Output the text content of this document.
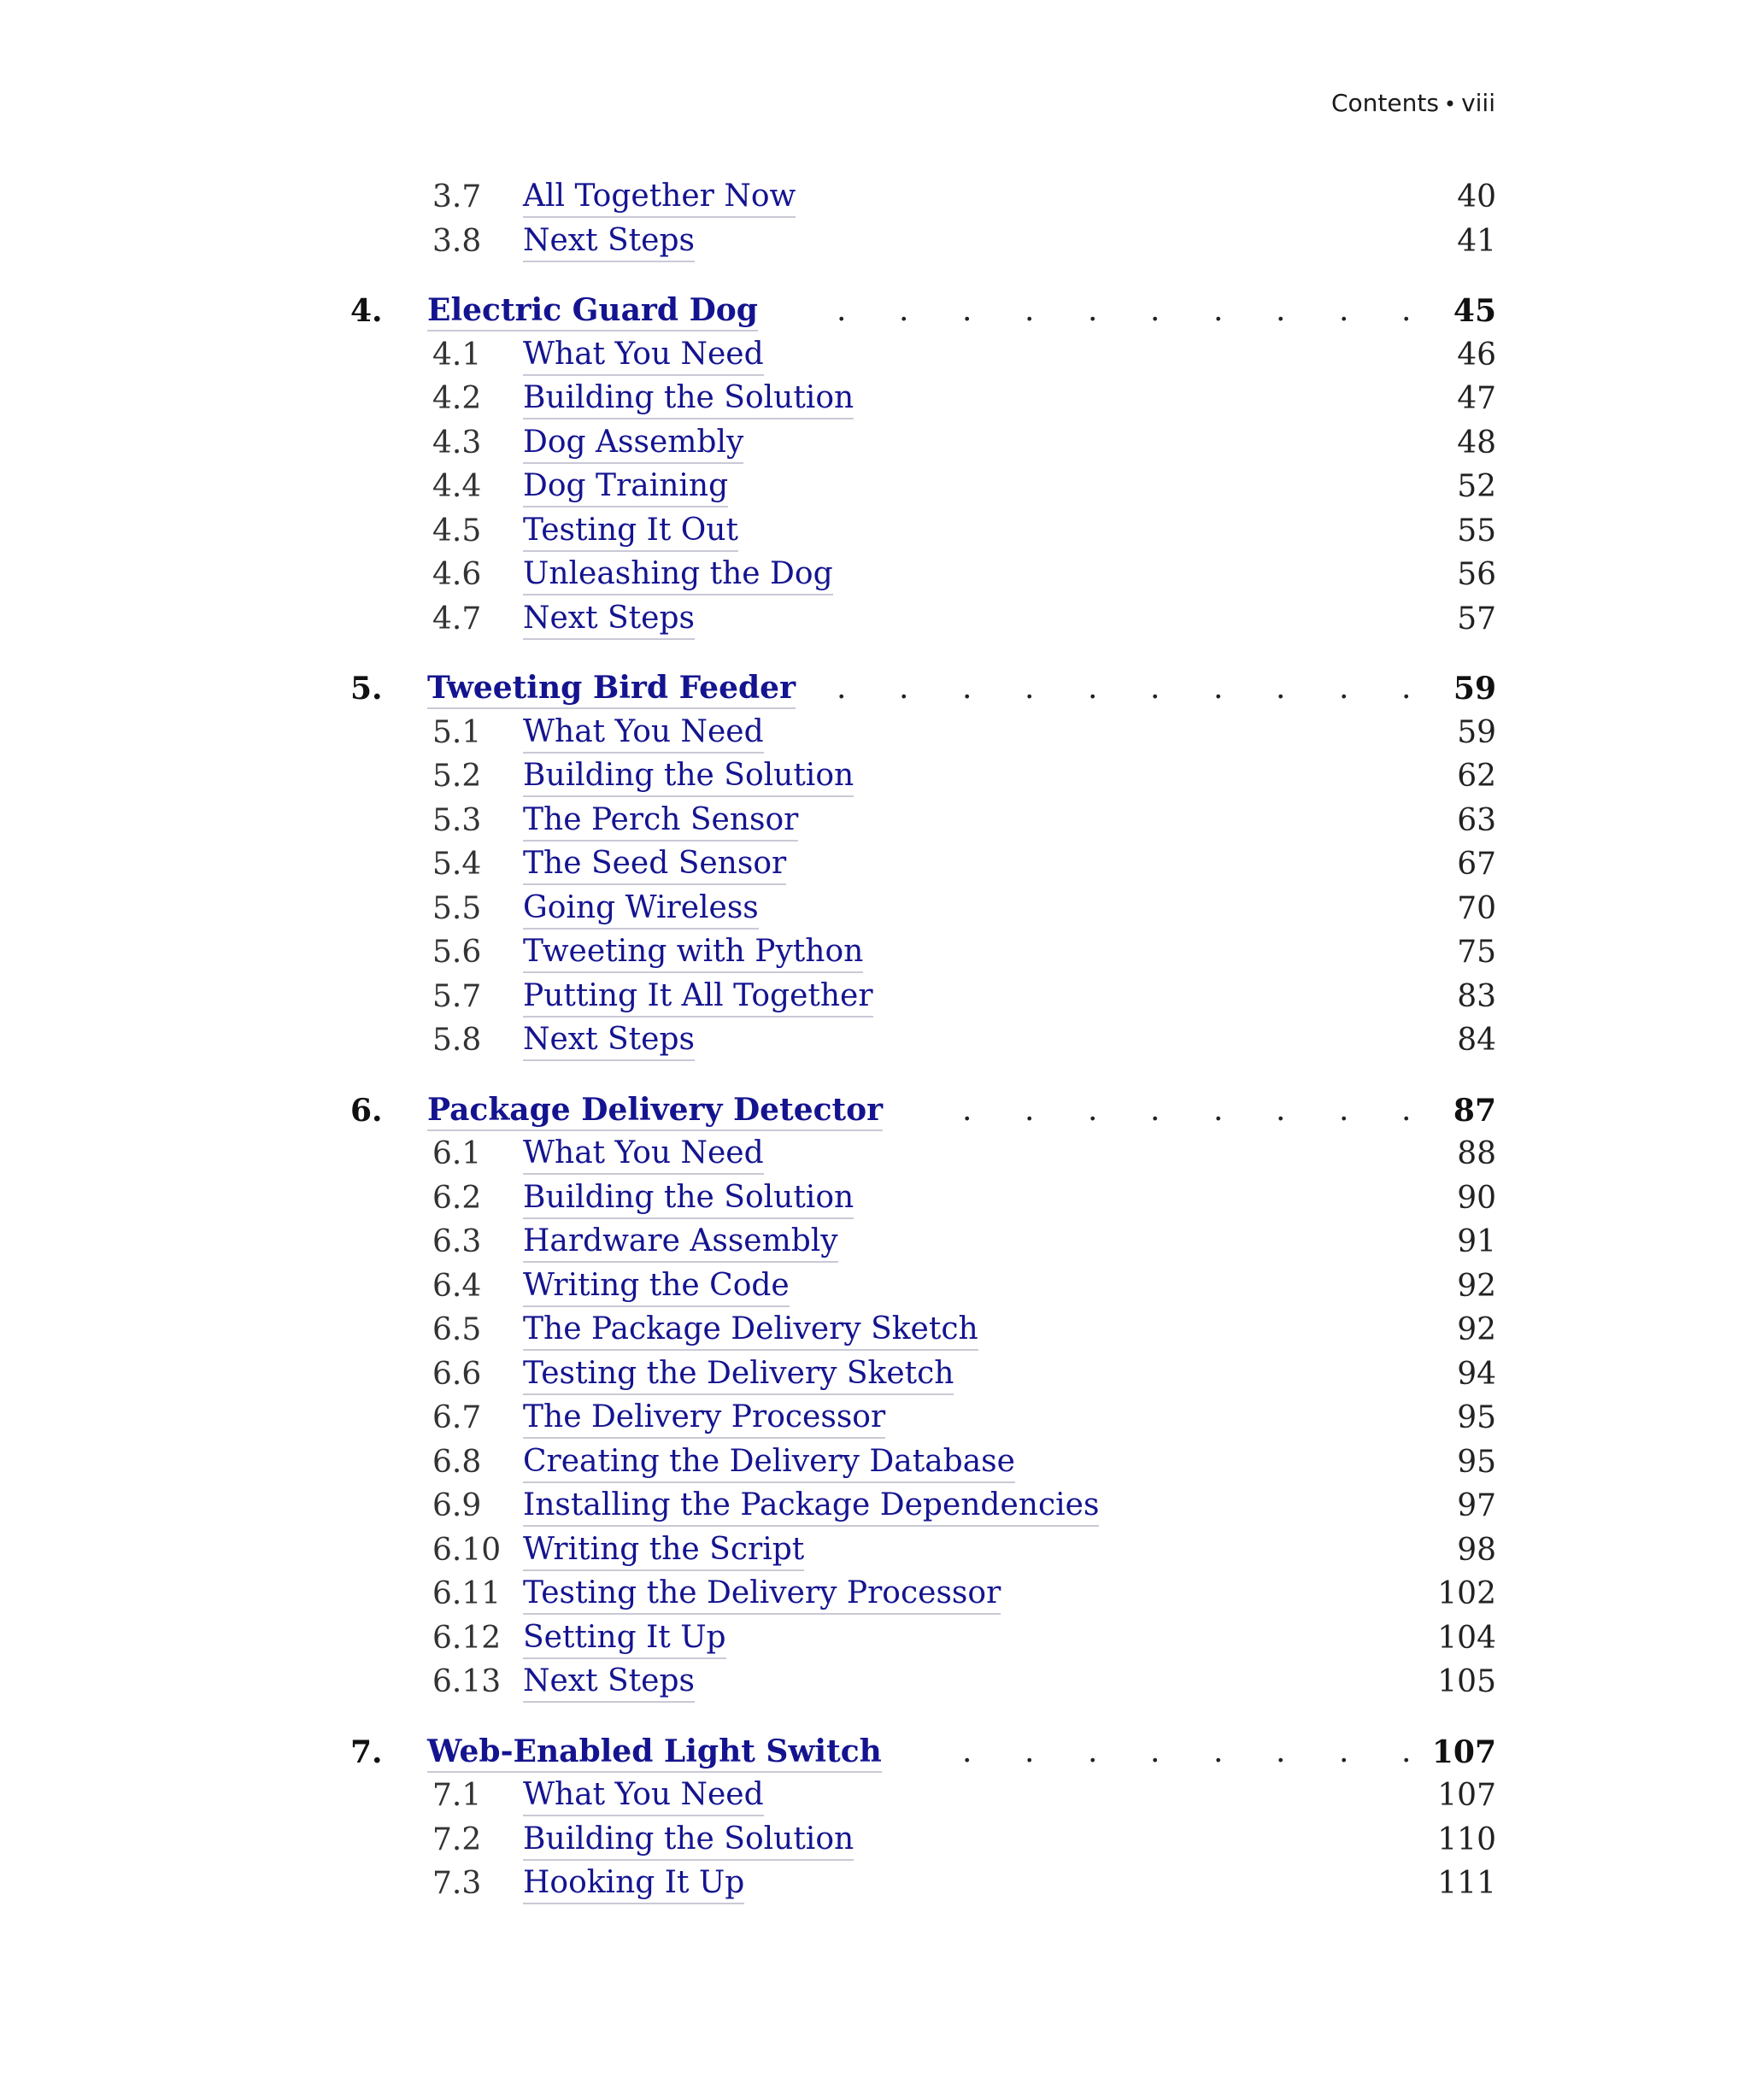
Contents • viii
3.7 All Together Now	40
3.8 Next Steps	41
4. Electric Guard Dog	45
.
.
.
.
.
.
.
.
.
.
4.1 What You Need	46
4.2 Building the Solution	47
4.3 Dog Assembly	48
4.4 Dog Training	52
4.5 Testing It Out	55
4.6 Unleashing the Dog	56
4.7 Next Steps	57
5. Tweeting Bird Feeder	59
.
.
.
.
.
.
.
.
.
.
5.1 What You Need	59
5.2 Building the Solution	62
5.3 The Perch Sensor	63
5.4 The Seed Sensor	67
5.5 Going Wireless	70
5.6 Tweeting with Python	75
5.7 Putting It All Together	83
5.8 Next Steps	84
6. Package Delivery Detector	87
.
.
.
.
.
.
.
.
6.1 What You Need	88
6.2 Building the Solution	90
6.3 Hardware Assembly	91
6.4 Writing the Code	92
6.5 The Package Delivery Sketch	92
6.6 Testing the Delivery Sketch	94
6.7 The Delivery Processor	95
6.8 Creating the Delivery Database	95
6.9 Installing the Package Dependencies	97
6.10 Writing the Script	98
6.11 Testing the Delivery Processor	102
6.12 Setting It Up	104
6.13 Next Steps	105
7. Web-Enabled Light Switch	107
.
.
.
.
.
.
.
.
7.1 What You Need	107
7.2 Building the Solution	110
7.3 Hooking It Up	111
